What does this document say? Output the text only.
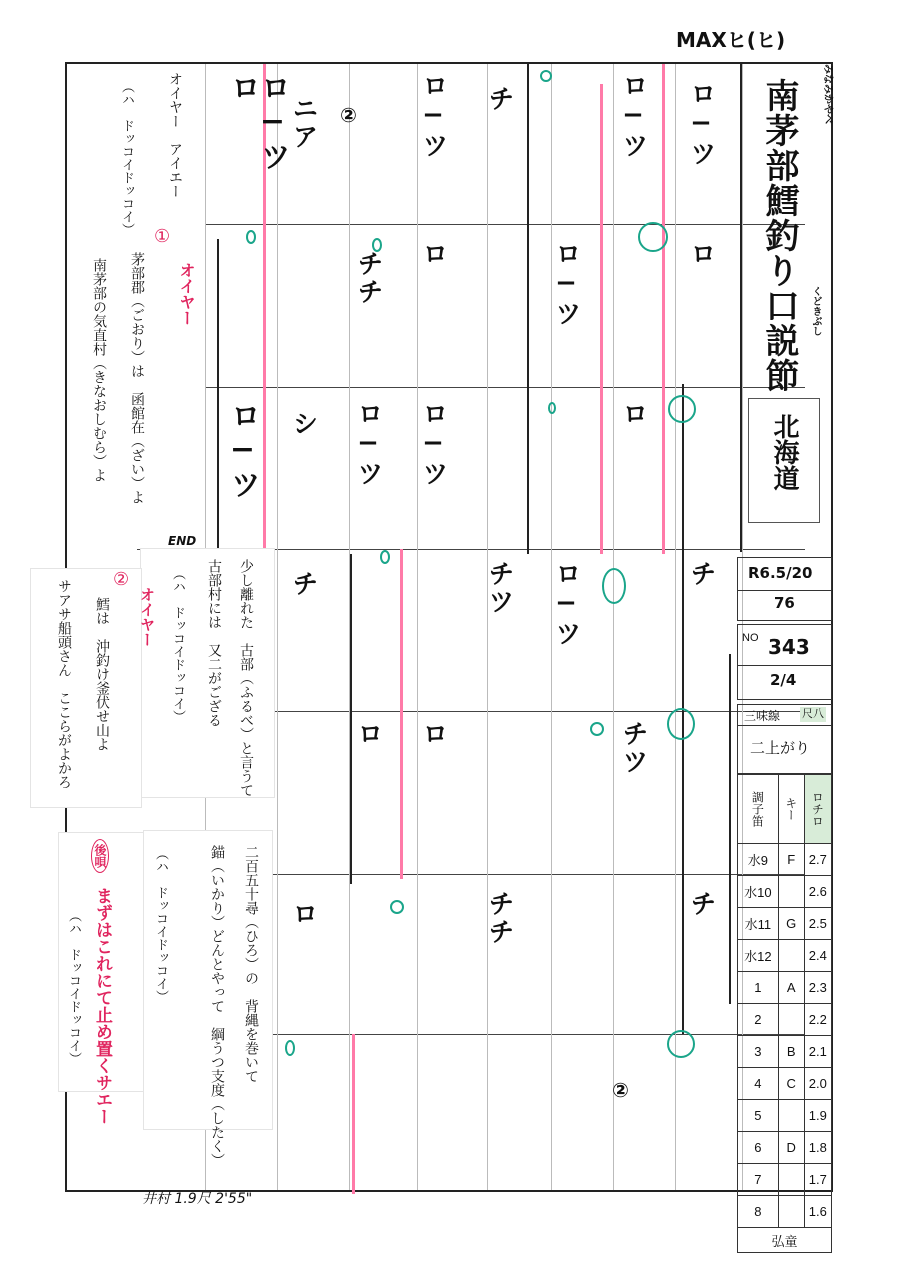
MAXヒ(ヒ)
ロ−ツ
ロ
ロ−ツ
ニア
シ
チ
ロ
チチ
ロ−ツ
ロ
ロ−ツ
ロ
ロ−ツ
ロ
チ
チツ
チチ
ロ−ツ
ロ−ツ
ロ−ツ
ロ
チツ
ロ−ツ
ロ
チ
チ
②
②
END
オイヤー　アイエー
（ハ　ドッコイドッコイ）
①
オイヤー
茅部郡（ごおり）は　函館在（ざい）よ
南茅部の気直村（きなおしむら）よ
少し離れた　古部（ふるべ）と言うて
古部村には　又二がござる
（ハ　ドッコイドッコイ）
②
オイヤー
鱈は　沖釣け釜伏せ山よ
サアサ船頭さん　ここらがよかろ
二百五十尋（ひろ）の　背縄を巻いて
錨（いかり）どんとやって　綱うつ支度（したく）
（ハ　ドッコイドッコイ）
後唄
まずはこれにて止め置くサエー
（ハ　ドッコイドッコイ）
みなみかやべ
南茅部鱈釣り口説節 くどきぶし
北海道
R6.5/20
76
NO 343
2/4
三味線 尺八
二上がり
調子笛	キー	ロチロ
水9	F	2.7
水10		2.6
水11	G	2.5
水12		2.4
1	A	2.3
2		2.2
3	B	2.1
4	C	2.0
5		1.9
6	D	1.8
7		1.7
8		1.6
弘童		
井村 1.9尺 2'55"
